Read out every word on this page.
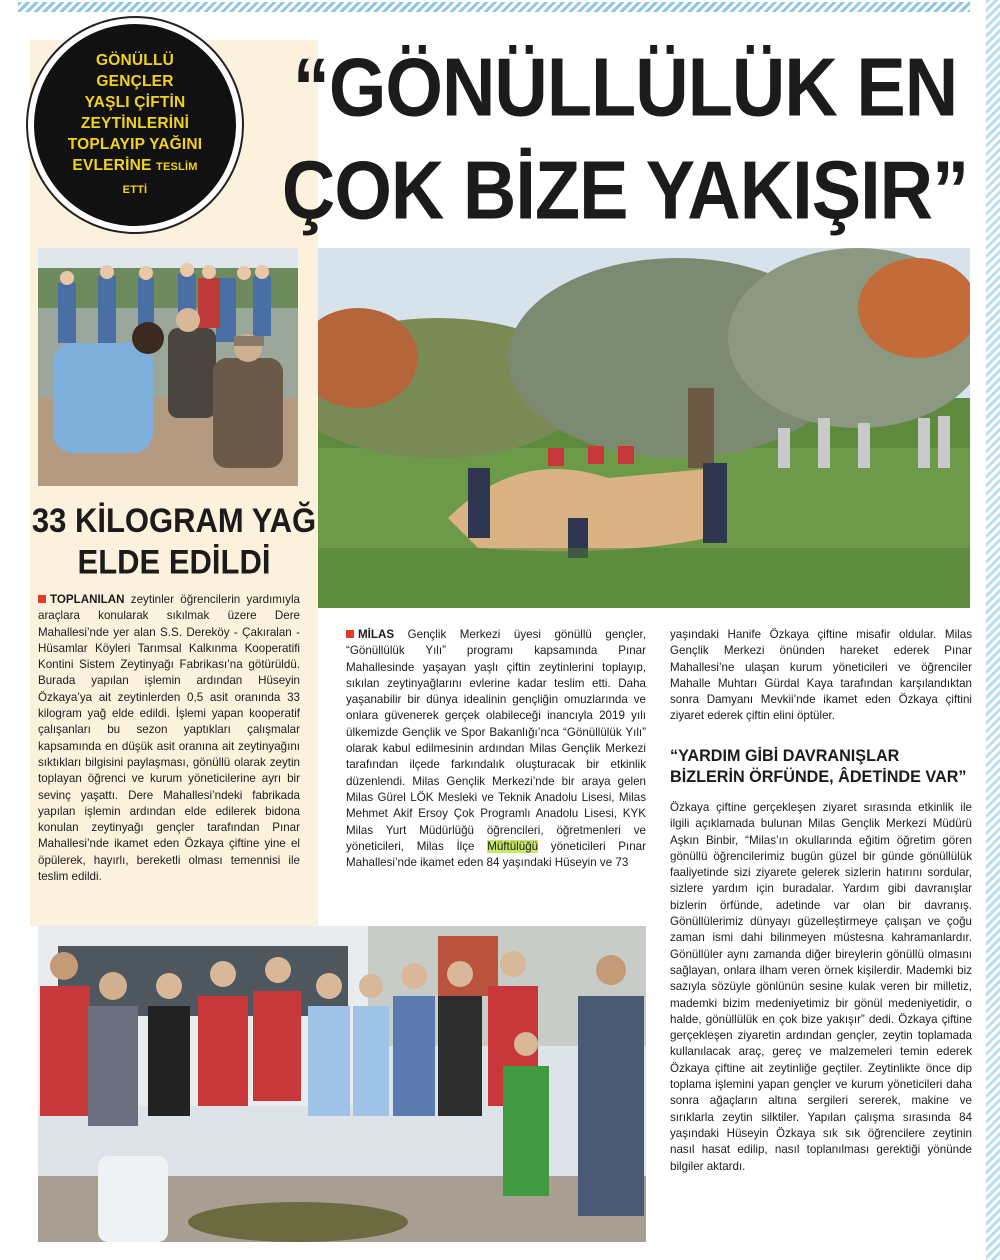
GÖNÜLLÜ
GENÇLER
YAŞLI ÇİFTİN
ZEYTİNLERİNİ
TOPLAYIP YAĞINI
EVLERİNE TESLİM
ETTİ
“GÖNÜLLÜLÜK EN
ÇOK BİZE YAKIŞIR”
33 KİLOGRAM YAĞ
ELDE EDİLDİ
TOPLANILAN zeytinler öğrencilerin yardımıyla araçlara konularak sıkılmak üzere Dere Mahallesi’nde yer alan S.S. Dereköy - Çakıralan - Hüsamlar Köyleri Tarımsal Kalkınma Kooperatifi Kontini Sistem Zeytinyağı Fabrikası’na götürüldü. Burada yapılan işlemin ardından Hüseyin Özkaya’ya ait zeytinlerden 0,5 asit oranında 33 kilogram yağ elde edildi. İşlemi yapan kooperatif çalışanları bu sezon yaptıkları çalışmalar kapsamında en düşük asit oranına ait zeytinyağını sıktıkları bilgisini paylaşması, gönüllü olarak zeytin toplayan öğrenci ve kurum yöneticilerine ayrı bir sevinç yaşattı. Dere Mahallesi’ndeki fabrikada yapılan işlemin ardından elde edilerek bidona konulan zeytinyağı gençler tarafından Pınar Mahallesi’nde ikamet eden Özkaya çiftine yine el öpülerek, hayırlı, bereketli olması temennisi ile teslim edildi.
MİLAS Gençlik Merkezi üyesi gönüllü gençler, “Gönüllülük Yılı” programı kapsamında Pınar Mahallesinde yaşayan yaşlı çiftin zeytinlerini toplayıp, sıkılan zeytinyağlarını evlerine kadar teslim etti. Daha yaşanabilir bir dünya idealinin gençliğin omuzlarında ve onlara güvenerek gerçek olabileceği inancıyla 2019 yılı ülkemizde Gençlik ve Spor Bakanlığı’nca “Gönüllülük Yılı” olarak kabul edilmesinin ardından Milas Gençlik Merkezi tarafından ilçede farkındalık oluşturacak bir etkinlik düzenlendi. Milas Gençlik Merkezi’nde bir araya gelen Milas Gürel LÖK Mesleki ve Teknik Anadolu Lisesi, Milas Mehmet Akif Ersoy Çok Programlı Anadolu Lisesi, KYK Milas Yurt Müdürlüğü öğrencileri, öğretmenleri ve yöneticileri, Milas İlçe Müftülüğü yöneticileri Pınar Mahallesi’nde ikamet eden 84 yaşındaki Hüseyin ve 73
yaşındaki Hanife Özkaya çiftine misafir oldular. Milas Gençlik Merkezi önünden hareket ederek Pınar Mahallesi’ne ulaşan kurum yöneticileri ve öğrenciler Mahalle Muhtarı Gürdal Kaya tarafından karşılandıktan sonra Damyanı Mevkii’nde ikamet eden Özkaya çiftini ziyaret ederek çiftin elini öptüler.
“YARDIM GİBİ DAVRANIŞLAR BİZLERİN ÖRFÜNDE, ÂDETİNDE VAR”
Özkaya çiftine gerçekleşen ziyaret sırasında etkinlik ile ilgili açıklamada bulunan Milas Gençlik Merkezi Müdürü Aşkın Binbir, “Milas’ın okullarında eğitim öğretim gören gönüllü öğrencilerimiz bugün güzel bir günde gönüllülük faaliyetinde sizi ziyarete gelerek sizlerin hatırını sordular, sizlere yardım için buradalar. Yardım gibi davranışlar bizlerin örfünde, adetinde var olan bir davranış. Gönüllülerimiz dünyayı güzelleştirmeye çalışan ve çoğu zaman ismi dahi bilinmeyen müstesna kahramanlardır. Gönüllüler aynı zamanda diğer bireylerin gönüllü olmasını sağlayan, onlara ilham veren örnek kişilerdir. Mademki biz sazıyla sözüyle gönlünün sesine kulak veren bir milletiz, mademki bizim medeniyetimiz bir gönül medeniyetidir, o halde, gönüllülük en çok bize yakışır” dedi. Özkaya çiftine gerçekleşen ziyaretin ardından gençler, zeytin toplamada kullanılacak araç, gereç ve malzemeleri temin ederek Özkaya çiftine ait zeytinliğe geçtiler. Zeytinlikte önce dip toplama işlemini yapan gençler ve kurum yöneticileri daha sonra ağaçların altına sergileri sererek, makine ve sırıklarla zeytin silktiler. Yapılan çalışma sırasında 84 yaşındaki Hüseyin Özkaya sık sık öğrencilere zeytinin nasıl hasat edilip, nasıl toplanılması gerektiği yönünde bilgiler aktardı.
